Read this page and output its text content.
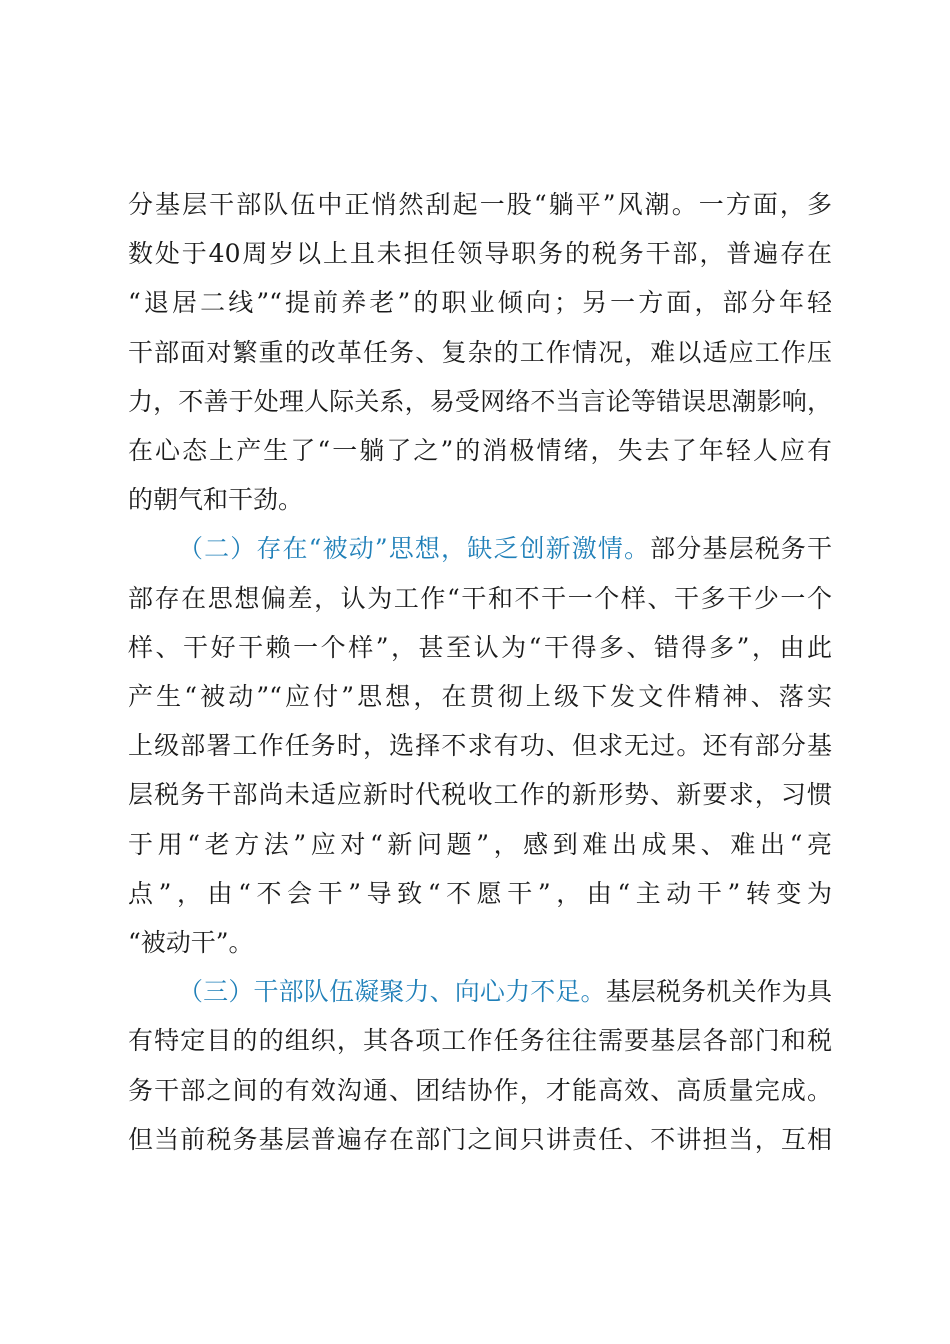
分基层干部队伍中正悄然刮起一股“躺平”风潮。一方面，多
数处于40周岁以上且未担任领导职务的税务干部，普遍存在
“退居二线”“提前养老”的职业倾向；另一方面，部分年轻
干部面对繁重的改革任务、复杂的工作情况，难以适应工作压
力，不善于处理人际关系，易受网络不当言论等错误思潮影响，
在心态上产生了“一躺了之”的消极情绪，失去了年轻人应有
的朝气和干劲。
（二）存在“被动”思想，缺乏创新激情。部分基层税务干
部存在思想偏差，认为工作“干和不干一个样、干多干少一个
样、干好干赖一个样”，甚至认为“干得多、错得多”，由此
产生“被动”“应付”思想，在贯彻上级下发文件精神、落实
上级部署工作任务时，选择不求有功、但求无过。还有部分基
层税务干部尚未适应新时代税收工作的新形势、新要求，习惯
于用“老方法”应对“新问题”，感到难出成果、难出“亮
点”，由“不会干”导致“不愿干”，由“主动干”转变为
“被动干”。
（三）干部队伍凝聚力、向心力不足。基层税务机关作为具
有特定目的的组织，其各项工作任务往往需要基层各部门和税
务干部之间的有效沟通、团结协作，才能高效、高质量完成。
但当前税务基层普遍存在部门之间只讲责任、不讲担当，互相
